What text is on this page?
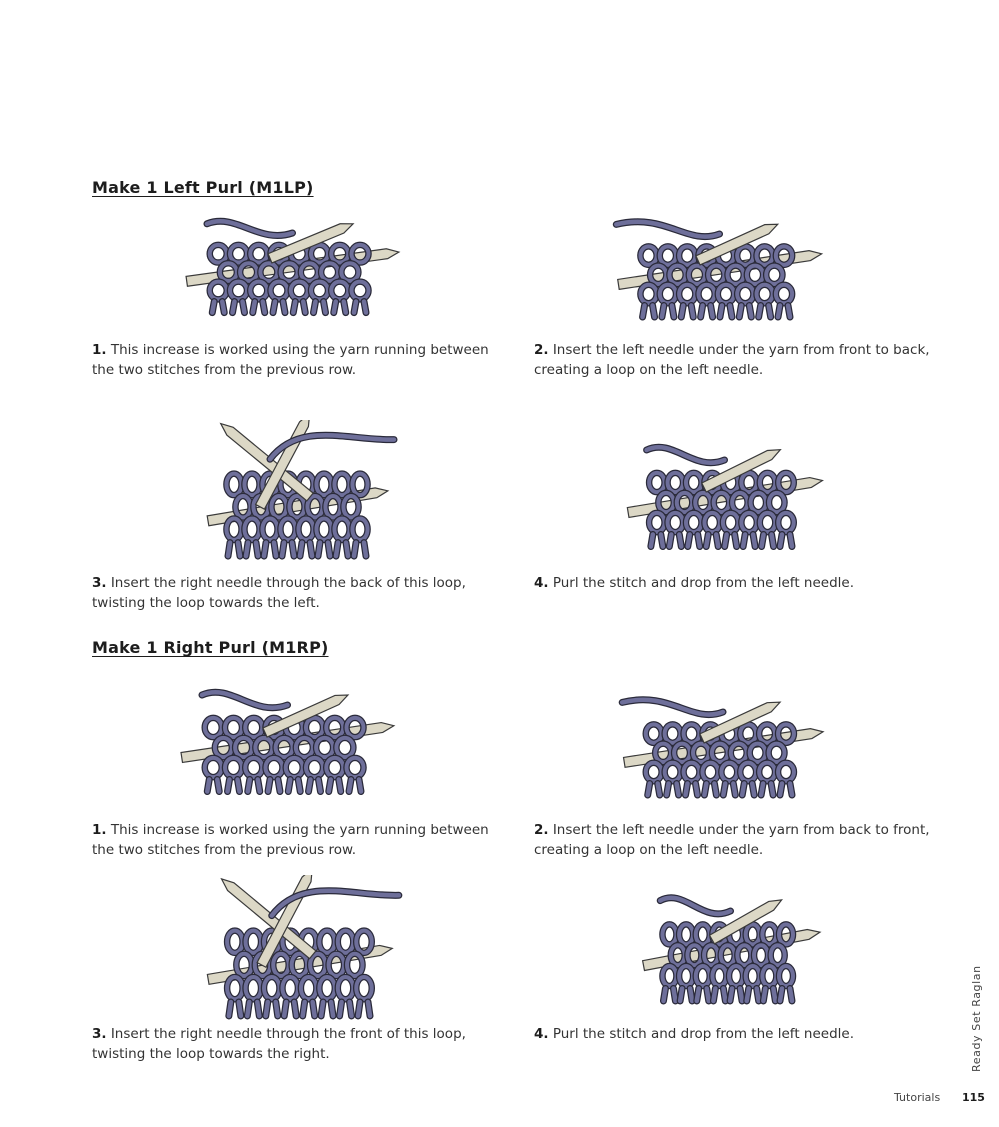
Make 1 Left Purl (M1LP)
Make 1 Right Purl (M1RP)

1. This increase is worked using the yarn running between the two stitches from the previous row.

2. Insert the left needle under the yarn from front to back, creating a loop on the left needle.

3. Insert the right needle through the back of this loop, twisting the loop towards the left.

4. Purl the stitch and drop from the left needle.

1. This increase is worked using the yarn running between the two stitches from the previous row.

2. Insert the left needle under the yarn from back to front, creating a loop on the left needle.

3. Insert the right needle through the front of this loop, twisting the loop towards the right.

4. Purl the stitch and drop from the left needle.	Ready Set Raglan
Tutorials 115
